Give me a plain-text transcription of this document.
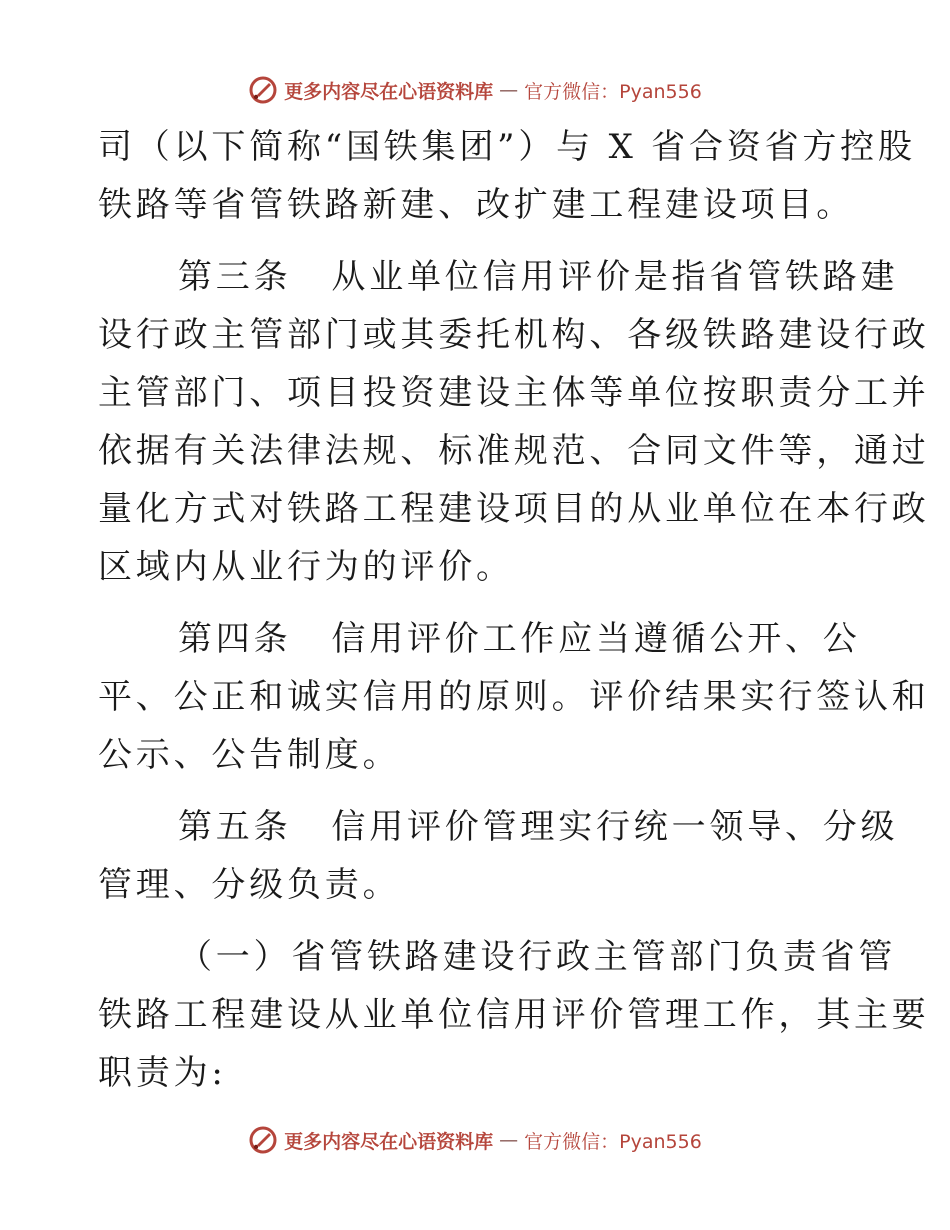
更多内容尽在心语资料库 — 官方微信：Pyan556

司（以下简称“国铁集团”）与 X 省合资省方控股

铁路等省管铁路新建、改扩建工程建设项目。

第三条 从业单位信用评价是指省管铁路建

设行政主管部门或其委托机构、各级铁路建设行政

主管部门、项目投资建设主体等单位按职责分工并

依据有关法律法规、标准规范、合同文件等，通过

量化方式对铁路工程建设项目的从业单位在本行政

区域内从业行为的评价。

第四条 信用评价工作应当遵循公开、公

平、公正和诚实信用的原则。评价结果实行签认和

公示、公告制度。

第五条 信用评价管理实行统一领导、分级

管理、分级负责。

（一）省管铁路建设行政主管部门负责省管

铁路工程建设从业单位信用评价管理工作，其主要

职责为:

更多内容尽在心语资料库 — 官方微信：Pyan556
